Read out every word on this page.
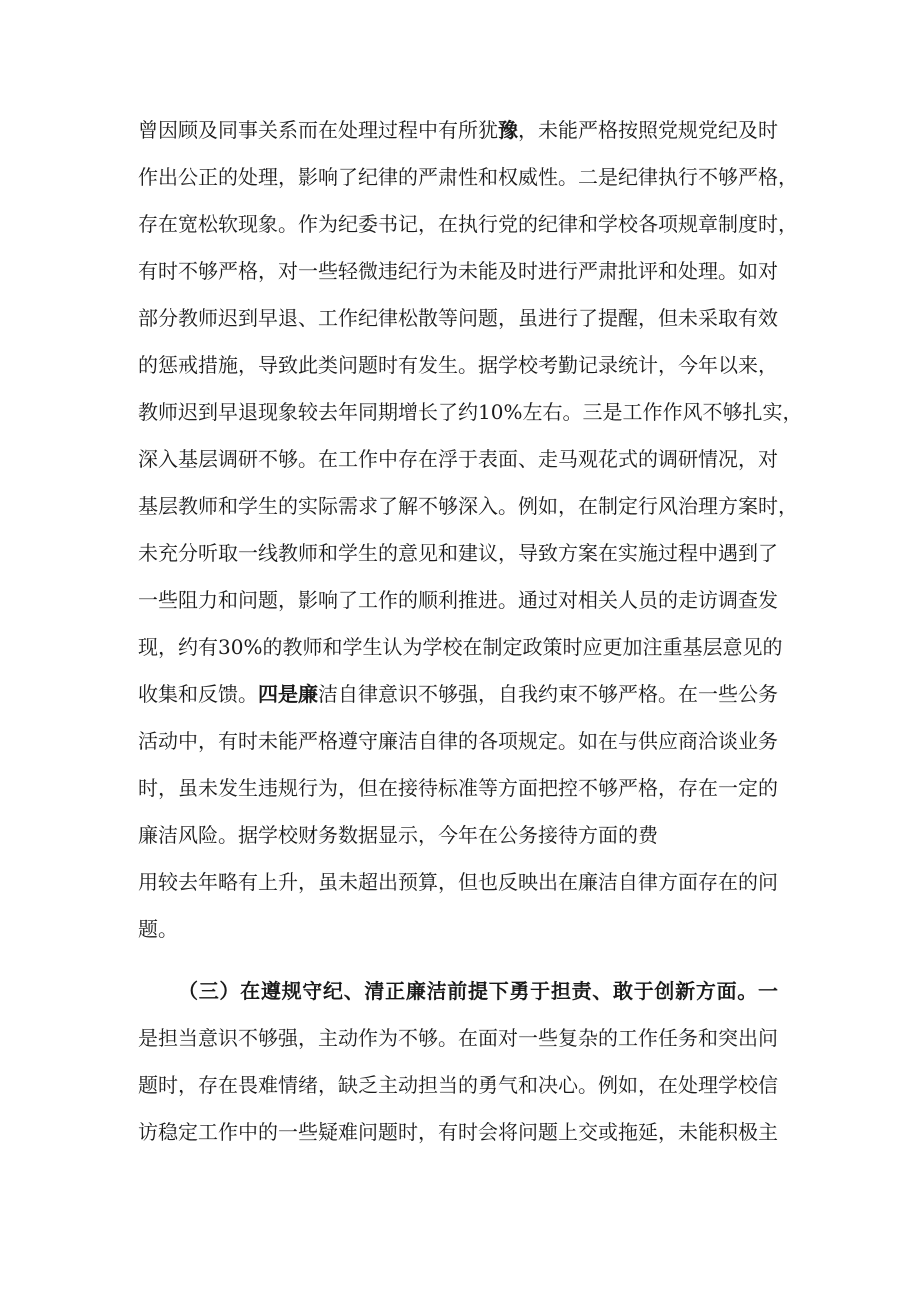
曾因顾及同事关系而在处理过程中有所犹豫，未能严格按照党规党纪及时
作出公正的处理，影响了纪律的严肃性和权威性。二是纪律执行不够严格，
存在宽松软现象。作为纪委书记，在执行党的纪律和学校各项规章制度时，
有时不够严格，对一些轻微违纪行为未能及时进行严肃批评和处理。如对
部分教师迟到早退、工作纪律松散等问题，虽进行了提醒，但未采取有效
的惩戒措施，导致此类问题时有发生。据学校考勤记录统计，今年以来，
教师迟到早退现象较去年同期增长了约10%左右。三是工作作风不够扎实，
深入基层调研不够。在工作中存在浮于表面、走马观花式的调研情况，对
基层教师和学生的实际需求了解不够深入。例如，在制定行风治理方案时，
未充分听取一线教师和学生的意见和建议，导致方案在实施过程中遇到了
一些阻力和问题，影响了工作的顺利推进。通过对相关人员的走访调查发
现，约有30%的教师和学生认为学校在制定政策时应更加注重基层意见的
收集和反馈。四是廉洁自律意识不够强，自我约束不够严格。在一些公务
活动中，有时未能严格遵守廉洁自律的各项规定。如在与供应商洽谈业务
时，虽未发生违规行为，但在接待标准等方面把控不够严格，存在一定的
廉洁风险。据学校财务数据显示，今年在公务接待方面的费
用较去年略有上升，虽未超出预算，但也反映出在廉洁自律方面存在的问
题。
（三）在遵规守纪、清正廉洁前提下勇于担责、敢于创新方面。一
是担当意识不够强，主动作为不够。在面对一些复杂的工作任务和突出问
题时，存在畏难情绪，缺乏主动担当的勇气和决心。例如，在处理学校信
访稳定工作中的一些疑难问题时，有时会将问题上交或拖延，未能积极主
